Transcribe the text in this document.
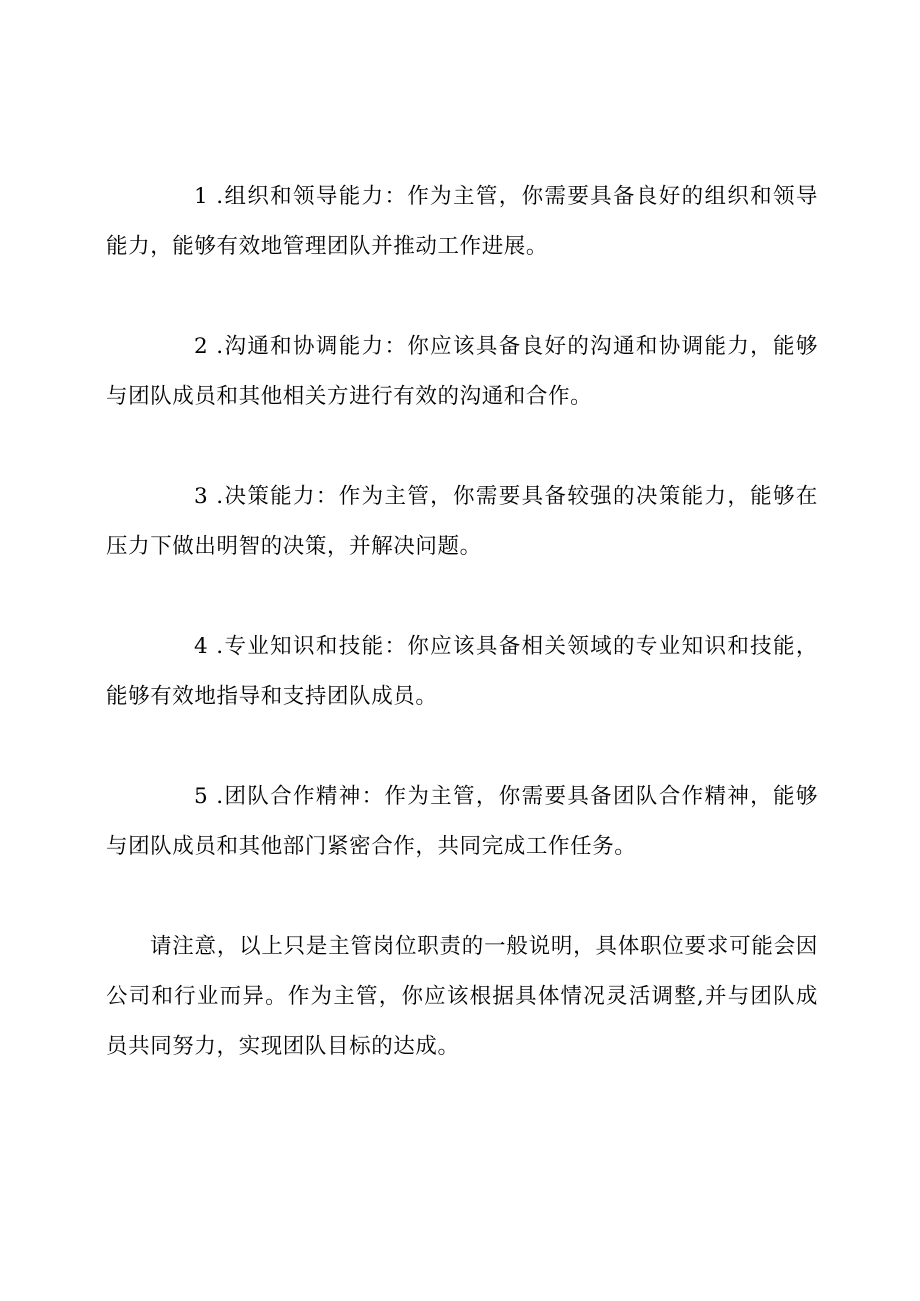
1 .组织和领导能力：作为主管，你需要具备良好的组织和领导能力，能够有效地管理团队并推动工作进展。

2 .沟通和协调能力：你应该具备良好的沟通和协调能力，能够与团队成员和其他相关方进行有效的沟通和合作。

3 .决策能力：作为主管，你需要具备较强的决策能力，能够在压力下做出明智的决策，并解决问题。

4 .专业知识和技能：你应该具备相关领域的专业知识和技能，能够有效地指导和支持团队成员。

5 .团队合作精神：作为主管，你需要具备团队合作精神，能够与团队成员和其他部门紧密合作，共同完成工作任务。

请注意，以上只是主管岗位职责的一般说明，具体职位要求可能会因公司和行业而异。作为主管，你应该根据具体情况灵活调整,并与团队成员共同努力，实现团队目标的达成。
